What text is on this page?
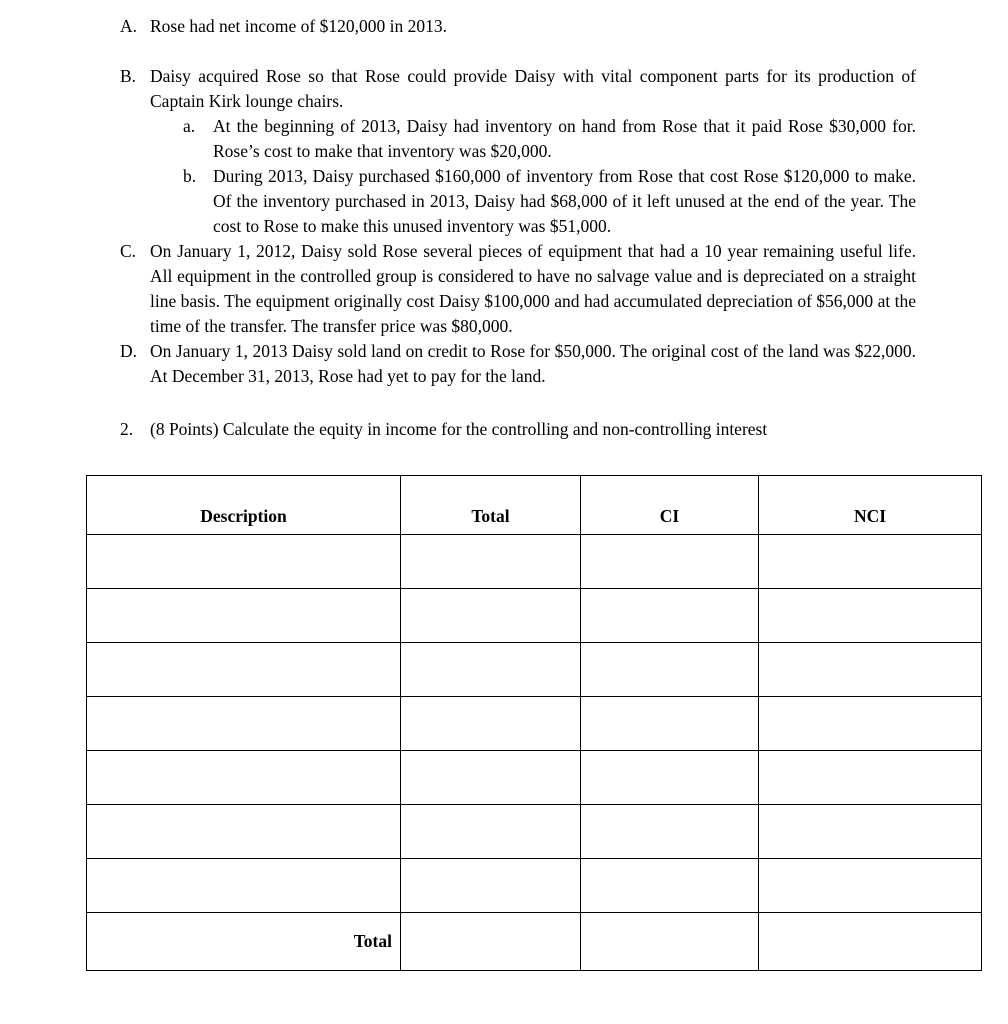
A. Rose had net income of $120,000 in 2013.
B. Daisy acquired Rose so that Rose could provide Daisy with vital component parts for its production of Captain Kirk lounge chairs.
a.	At the beginning of 2013, Daisy had inventory on hand from Rose that it paid Rose $30,000 for. Rose’s cost to make that inventory was $20,000.
b. During 2013, Daisy purchased $160,000 of inventory from Rose that cost Rose $120,000 to make. Of the inventory purchased in 2013, Daisy had $68,000 of it left unused at the end of the year. The cost to Rose to make this unused inventory was $51,000.
C. On January 1, 2012, Daisy sold Rose several pieces of equipment that had a 10 year remaining useful life. All equipment in the controlled group is considered to have no salvage value and is depreciated on a straight line basis. The equipment originally cost Daisy $100,000 and had accumulated depreciation of $56,000 at the time of the transfer. The transfer price was $80,000.
D. On January 1, 2013 Daisy sold land on credit to Rose for $50,000. The original cost of the land was $22,000. At December 31, 2013, Rose had yet to pay for the land.
2. (8 Points) Calculate the equity in income for the controlling and non-controlling interest
Description	Total	CI	NCI

Total			
